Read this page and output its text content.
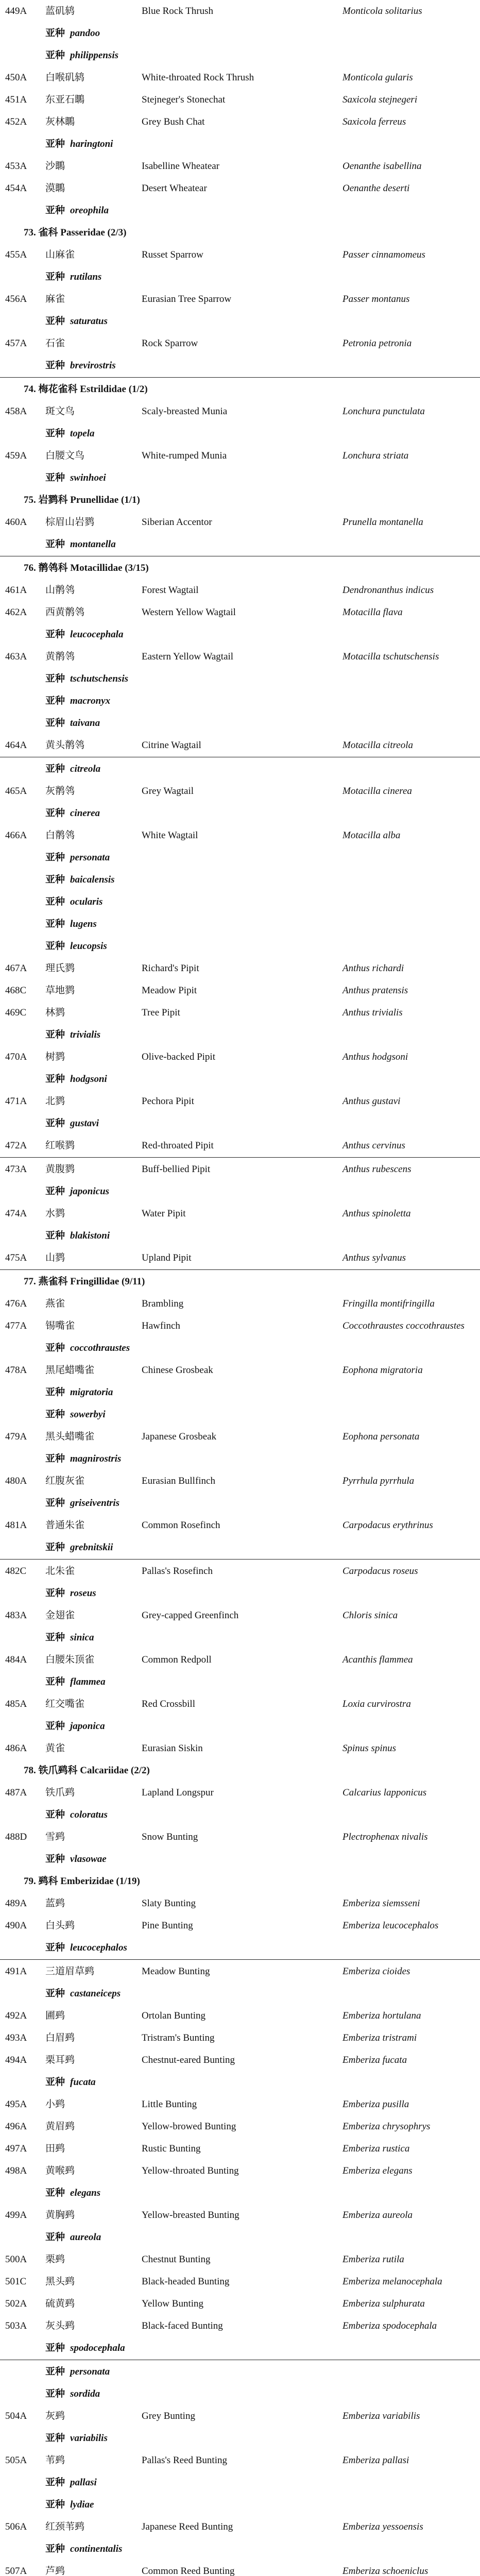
449A 蓝矶鸫	Blue Rock Thrush	Monticola solitarius
亚种 pandoo
亚种 philippensis
450A 白喉矶鸫	White-throated Rock Thrush	Monticola gularis
451A 东亚石䳭	Stejneger's Stonechat	Saxicola stejnegeri
452A 灰林䳭	Grey Bush Chat	Saxicola ferreus
亚种 haringtoni
453A 沙䳭	Isabelline Wheatear	Oenanthe isabellina
454A 漠䳭	Desert Wheatear	Oenanthe deserti
亚种 oreophila
73. 雀科 Passeridae (2/3)
455A 山麻雀	Russet Sparrow	Passer cinnamomeus
亚种 rutilans
456A 麻雀	Eurasian Tree Sparrow	Passer montanus
亚种 saturatus
457A 石雀	Rock Sparrow	Petronia petronia
亚种 brevirostris
74. 梅花雀科 Estrildidae (1/2)
458A 斑文鸟	Scaly-breasted Munia	Lonchura punctulata
亚种 topela
459A 白腰文鸟	White-rumped Munia	Lonchura striata
亚种 swinhoei
75. 岩鹨科 Prunellidae (1/1)
460A 棕眉山岩鹨	Siberian Accentor	Prunella montanella
亚种 montanella
76. 鹡鸰科 Motacillidae (3/15)
461A 山鹡鸰	Forest Wagtail	Dendronanthus indicus
462A 西黄鹡鸰	Western Yellow Wagtail	Motacilla flava
亚种 leucocephala
463A 黄鹡鸰	Eastern Yellow Wagtail	Motacilla tschutschensis
亚种 tschutschensis
亚种 macronyx
亚种 taivana
464A 黄头鹡鸰	Citrine Wagtail	Motacilla citreola
亚种 citreola
465A 灰鹡鸰	Grey Wagtail	Motacilla cinerea
亚种 cinerea
466A 白鹡鸰	White Wagtail	Motacilla alba
亚种 personata
亚种 baicalensis
亚种 ocularis
亚种 lugens
亚种 leucopsis
467A 理氏鹨	Richard's Pipit	Anthus richardi
468C 草地鹨	Meadow Pipit	Anthus pratensis
469C 林鹨	Tree Pipit	Anthus trivialis
亚种 trivialis
470A 树鹨	Olive-backed Pipit	Anthus hodgsoni
亚种 hodgsoni
471A 北鹨	Pechora Pipit	Anthus gustavi
亚种 gustavi
472A 红喉鹨	Red-throated Pipit	Anthus cervinus
473A 黄腹鹨	Buff-bellied Pipit	Anthus rubescens
亚种 japonicus
474A 水鹨	Water Pipit	Anthus spinoletta
亚种 blakistoni
475A 山鹨	Upland Pipit	Anthus sylvanus
77. 燕雀科 Fringillidae (9/11)
476A 燕雀	Brambling	Fringilla montifringilla
477A 锡嘴雀	Hawfinch	Coccothraustes coccothraustes
亚种 coccothraustes
478A 黑尾蜡嘴雀	Chinese Grosbeak	Eophona migratoria
亚种 migratoria
亚种 sowerbyi
479A 黑头蜡嘴雀	Japanese Grosbeak	Eophona personata
亚种 magnirostris
480A 红腹灰雀	Eurasian Bullfinch	Pyrrhula pyrrhula
亚种 griseiventris
481A 普通朱雀	Common Rosefinch	Carpodacus erythrinus
亚种 grebnitskii
482C 北朱雀	Pallas's Rosefinch	Carpodacus roseus
亚种 roseus
483A 金翅雀	Grey-capped Greenfinch	Chloris sinica
亚种 sinica
484A 白腰朱顶雀	Common Redpoll	Acanthis flammea
亚种 flammea
485A 红交嘴雀	Red Crossbill	Loxia curvirostra
亚种 japonica
486A 黄雀	Eurasian Siskin	Spinus spinus
78. 铁爪鹀科 Calcariidae (2/2)
487A 铁爪鹀	Lapland Longspur	Calcarius lapponicus
亚种 coloratus
488D 雪鹀	Snow Bunting	Plectrophenax nivalis
亚种 vlasowae
79. 鹀科 Emberizidae (1/19)
489A 蓝鹀	Slaty Bunting	Emberiza siemsseni
490A 白头鹀	Pine Bunting	Emberiza leucocephalos
亚种 leucocephalos
491A 三道眉草鹀	Meadow Bunting	Emberiza cioides
亚种 castaneiceps
492A 圃鹀	Ortolan Bunting	Emberiza hortulana
493A 白眉鹀	Tristram's Bunting	Emberiza tristrami
494A 栗耳鹀	Chestnut-eared Bunting	Emberiza fucata
亚种 fucata
495A 小鹀	Little Bunting	Emberiza pusilla
496A 黄眉鹀	Yellow-browed Bunting	Emberiza chrysophrys
497A 田鹀	Rustic Bunting	Emberiza rustica
498A 黄喉鹀	Yellow-throated Bunting	Emberiza elegans
亚种 elegans
499A 黄胸鹀	Yellow-breasted Bunting	Emberiza aureola
亚种 aureola
500A 栗鹀	Chestnut Bunting	Emberiza rutila
501C 黑头鹀	Black-headed Bunting	Emberiza melanocephala
502A 硫黄鹀	Yellow Bunting	Emberiza sulphurata
503A 灰头鹀	Black-faced Bunting	Emberiza spodocephala
亚种 spodocephala
亚种 personata
亚种 sordida
504A 灰鹀	Grey Bunting	Emberiza variabilis
亚种 variabilis
505A 苇鹀	Pallas's Reed Bunting	Emberiza pallasi
亚种 pallasi
亚种 lydiae
506A 红颈苇鹀	Japanese Reed Bunting	Emberiza yessoensis
亚种 continentalis
507A 芦鹀	Common Reed Bunting	Emberiza schoeniclus
